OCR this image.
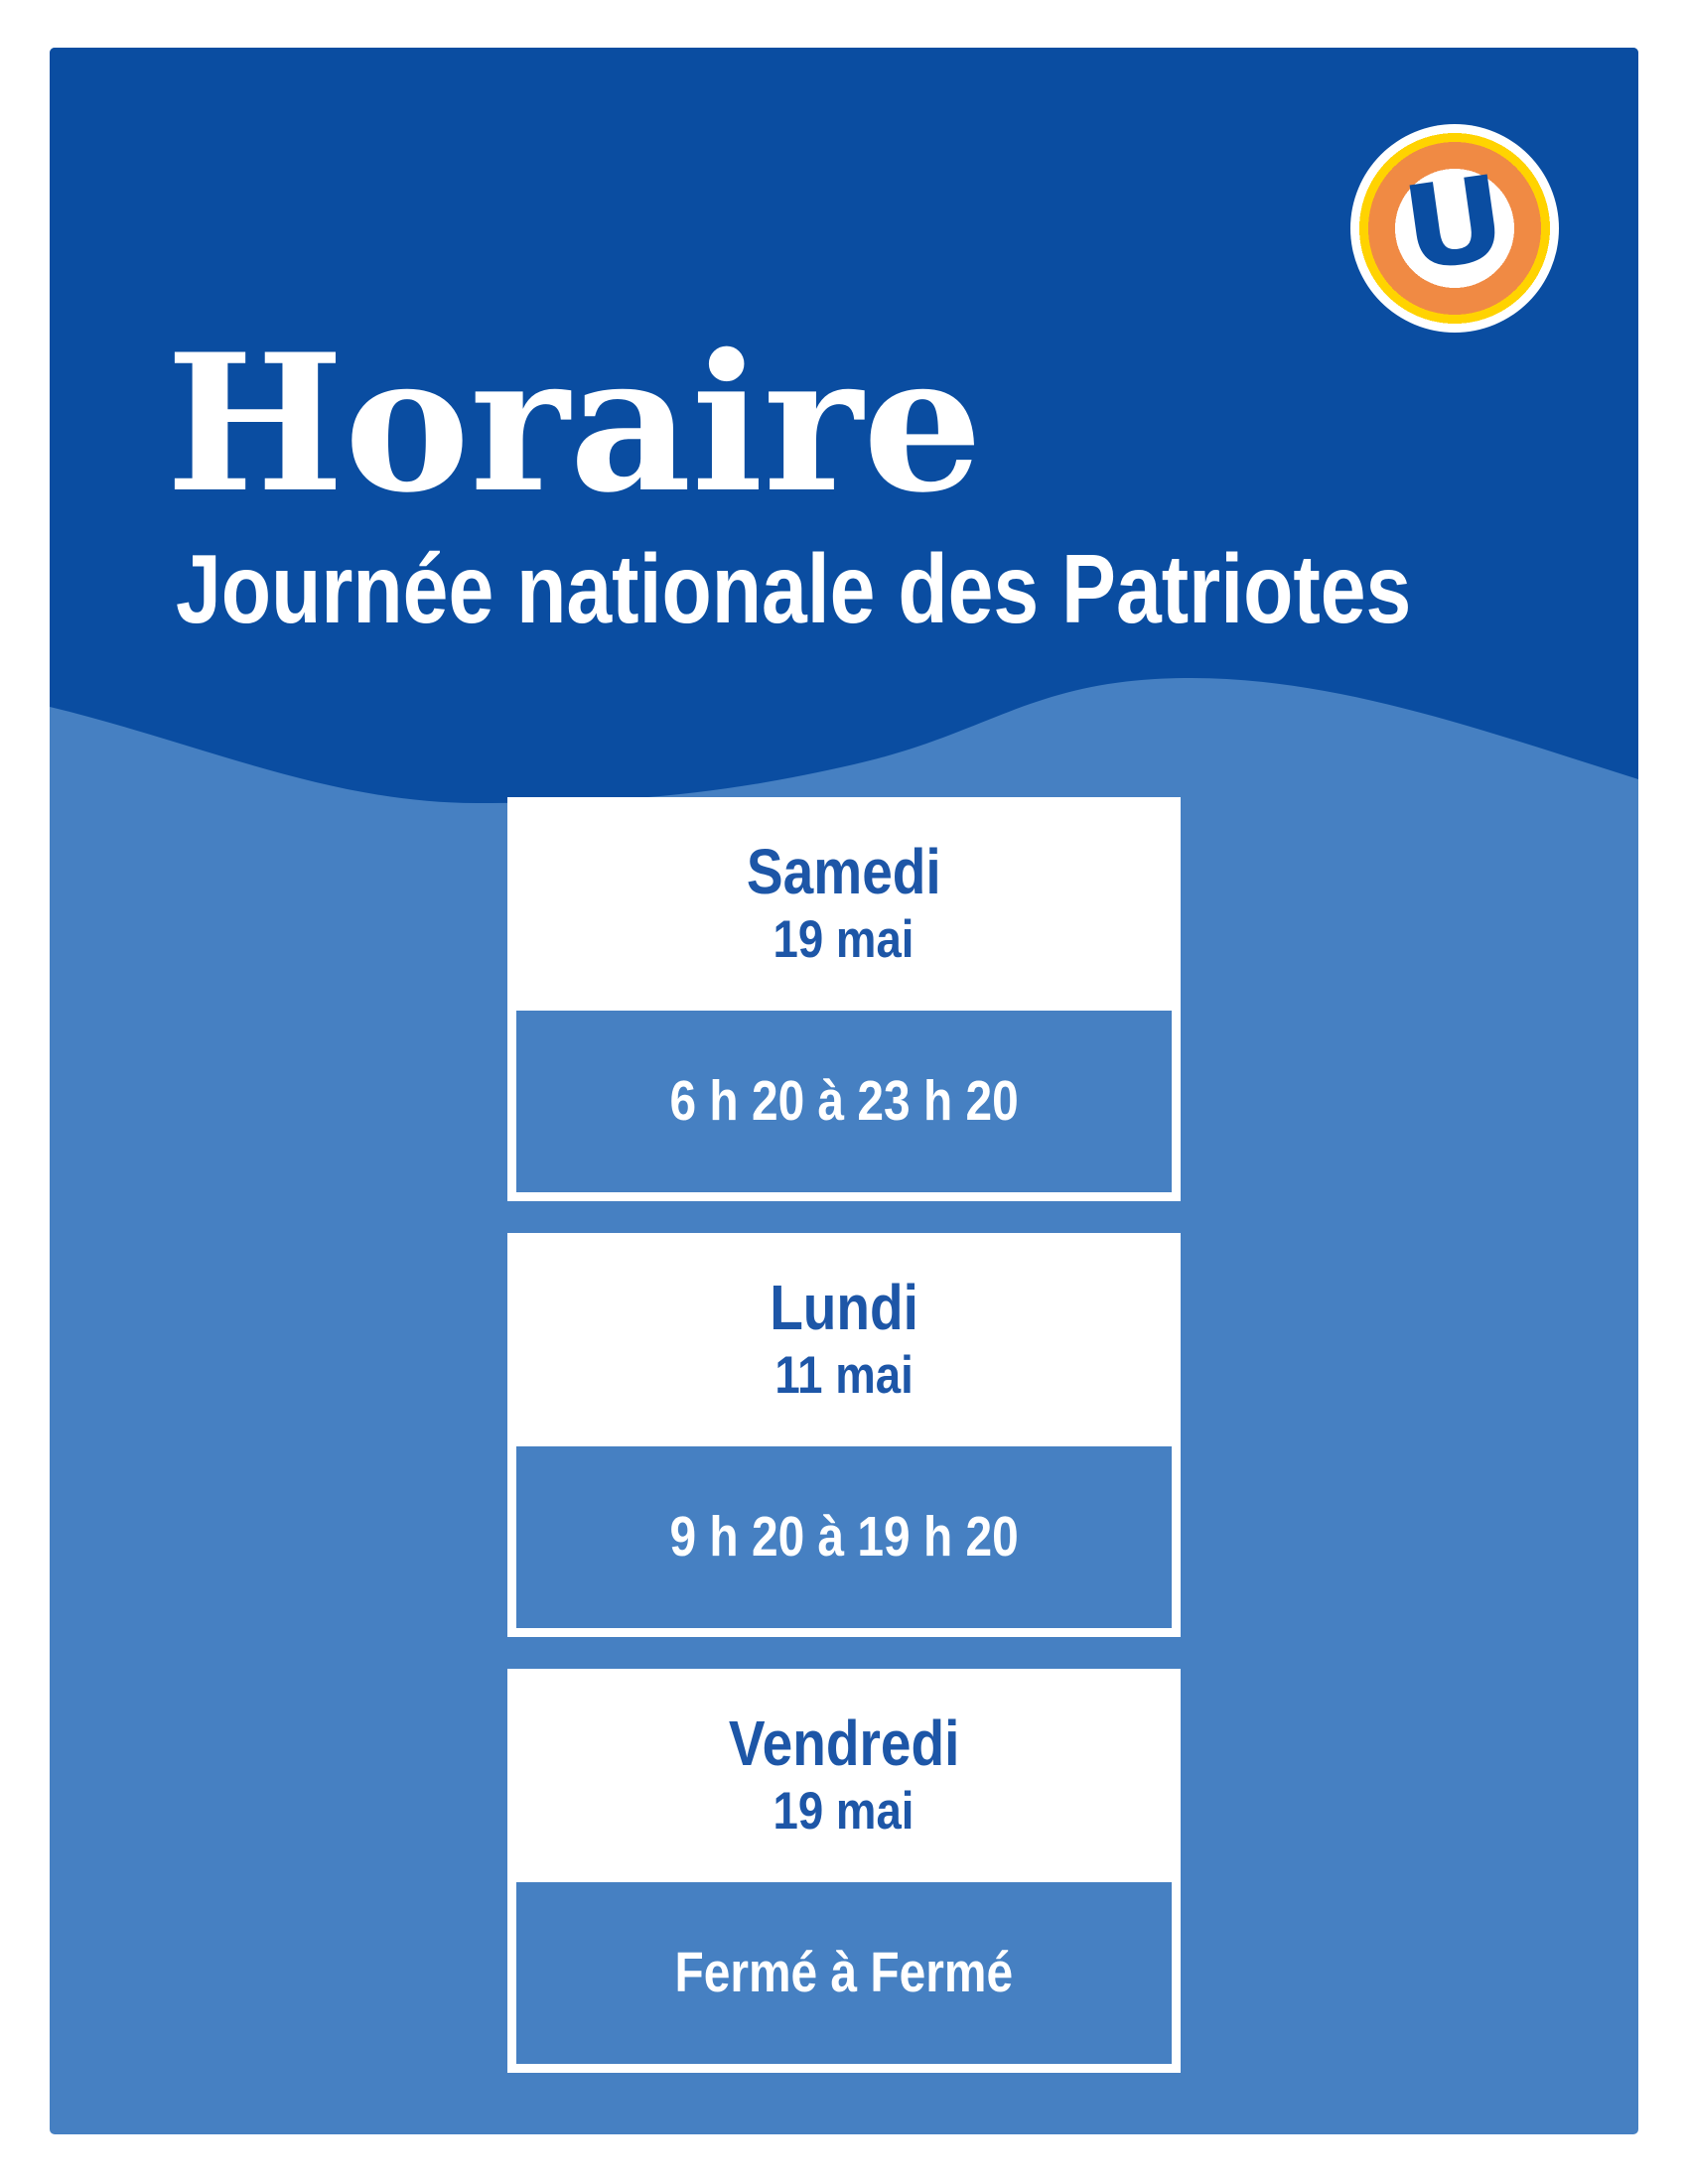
U
Horaire
Journée nationale des Patriotes
Samedi
19 mai
6 h 20 à 23 h 20
Lundi
11 mai
9 h 20 à 19 h 20
Vendredi
19 mai
Fermé à Fermé
